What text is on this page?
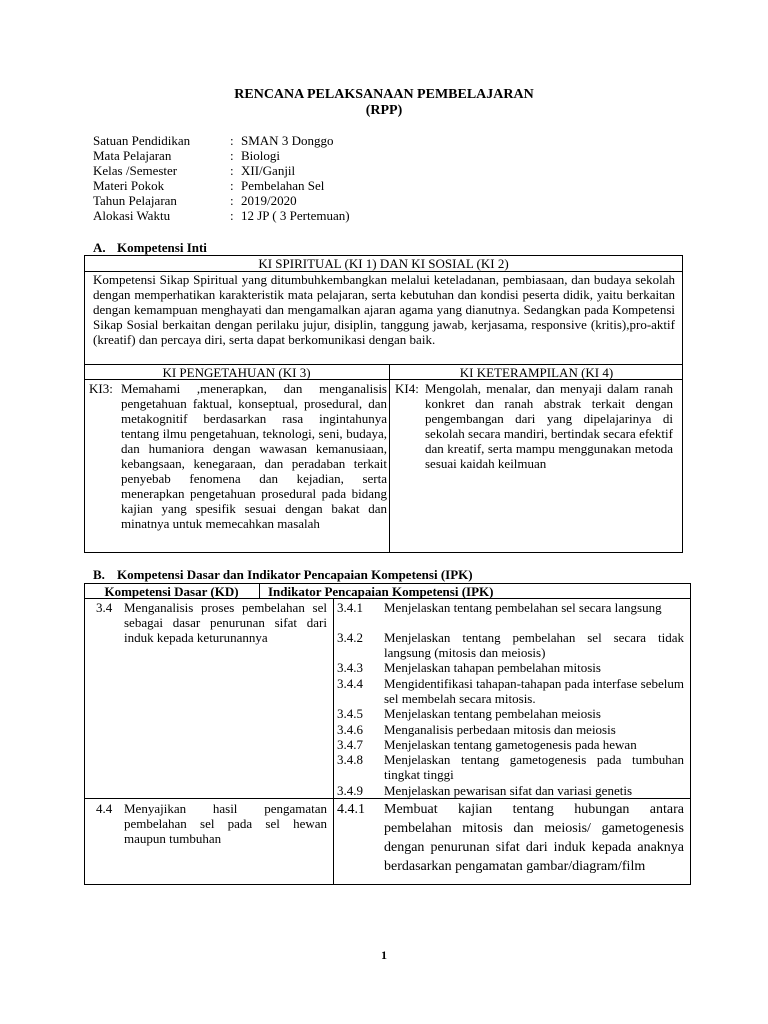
RENCANA PELAKSANAAN PEMBELAJARAN
(RPP)
Satuan Pendidikan	: SMAN 3 Donggo
Mata Pelajaran	: Biologi
Kelas /Semester	: XII/Ganjil
Materi Pokok	: Pembelahan Sel
Tahun Pelajaran	: 2019/2020
Alokasi Waktu	: 12 JP ( 3 Pertemuan)
A. Kompetensi Inti
KI SPIRITUAL (KI 1) DAN KI SOSIAL (KI 2)
Kompetensi Sikap Spiritual yang ditumbuhkembangkan melalui keteladanan, pembiasaan, dan budaya sekolah dengan memperhatikan karakteristik mata pelajaran, serta kebutuhan dan kondisi peserta didik, yaitu berkaitan dengan kemampuan menghayati dan mengamalkan ajaran agama yang dianutnya. Sedangkan pada Kompetensi Sikap Sosial berkaitan dengan perilaku jujur, disiplin, tanggung jawab, kerjasama, responsive (kritis),pro-aktif (kreatif) dan percaya diri, serta dapat berkomunikasi dengan baik.
KI PENGETAHUAN (KI 3)	KI KETERAMPILAN (KI 4)
KI3: Memahami ,menerapkan, dan menganalisis pengetahuan faktual, konseptual, prosedural, dan metakognitif berdasarkan rasa ingintahunya tentang ilmu pengetahuan, teknologi, seni, budaya, dan humaniora dengan wawasan kemanusiaan, kebangsaan, kenegaraan, dan peradaban terkait penyebab fenomena dan kejadian, serta menerapkan pengetahuan prosedural pada bidang kajian yang spesifik sesuai dengan bakat dan minatnya untuk memecahkan masalah
KI4: Mengolah, menalar, dan menyaji dalam ranah konkret dan ranah abstrak terkait dengan pengembangan dari yang dipelajarinya di sekolah secara mandiri, bertindak secara efektif dan kreatif, serta mampu menggunakan metoda sesuai kaidah keilmuan
B. Kompetensi Dasar dan Indikator Pencapaian Kompetensi (IPK)
Kompetensi Dasar (KD)	Indikator Pencapaian Kompetensi (IPK)
3.4 Menganalisis proses pembelahan sel sebagai dasar penurunan sifat dari induk kepada keturunannya
3.4.1 Menjelaskan tentang pembelahan sel secara langsung
3.4.2 Menjelaskan tentang pembelahan sel secara tidak langsung (mitosis dan meiosis)
3.4.3 Menjelaskan tahapan pembelahan mitosis
3.4.4 Mengidentifikasi tahapan-tahapan pada interfase sebelum sel membelah secara mitosis.
3.4.5 Menjelaskan tentang pembelahan meiosis
3.4.6 Menganalisis perbedaan mitosis dan meiosis
3.4.7 Menjelaskan tentang gametogenesis pada hewan
3.4.8 Menjelaskan tentang gametogenesis pada tumbuhan tingkat tinggi
3.4.9 Menjelaskan pewarisan sifat dan variasi genetis
4.4 Menyajikan hasil pengamatan pembelahan sel pada sel hewan maupun tumbuhan
4.4.1 Membuat kajian tentang hubungan antara pembelahan mitosis dan meiosis/ gametogenesis dengan penurunan sifat dari induk kepada anaknya berdasarkan pengamatan gambar/diagram/film
1
